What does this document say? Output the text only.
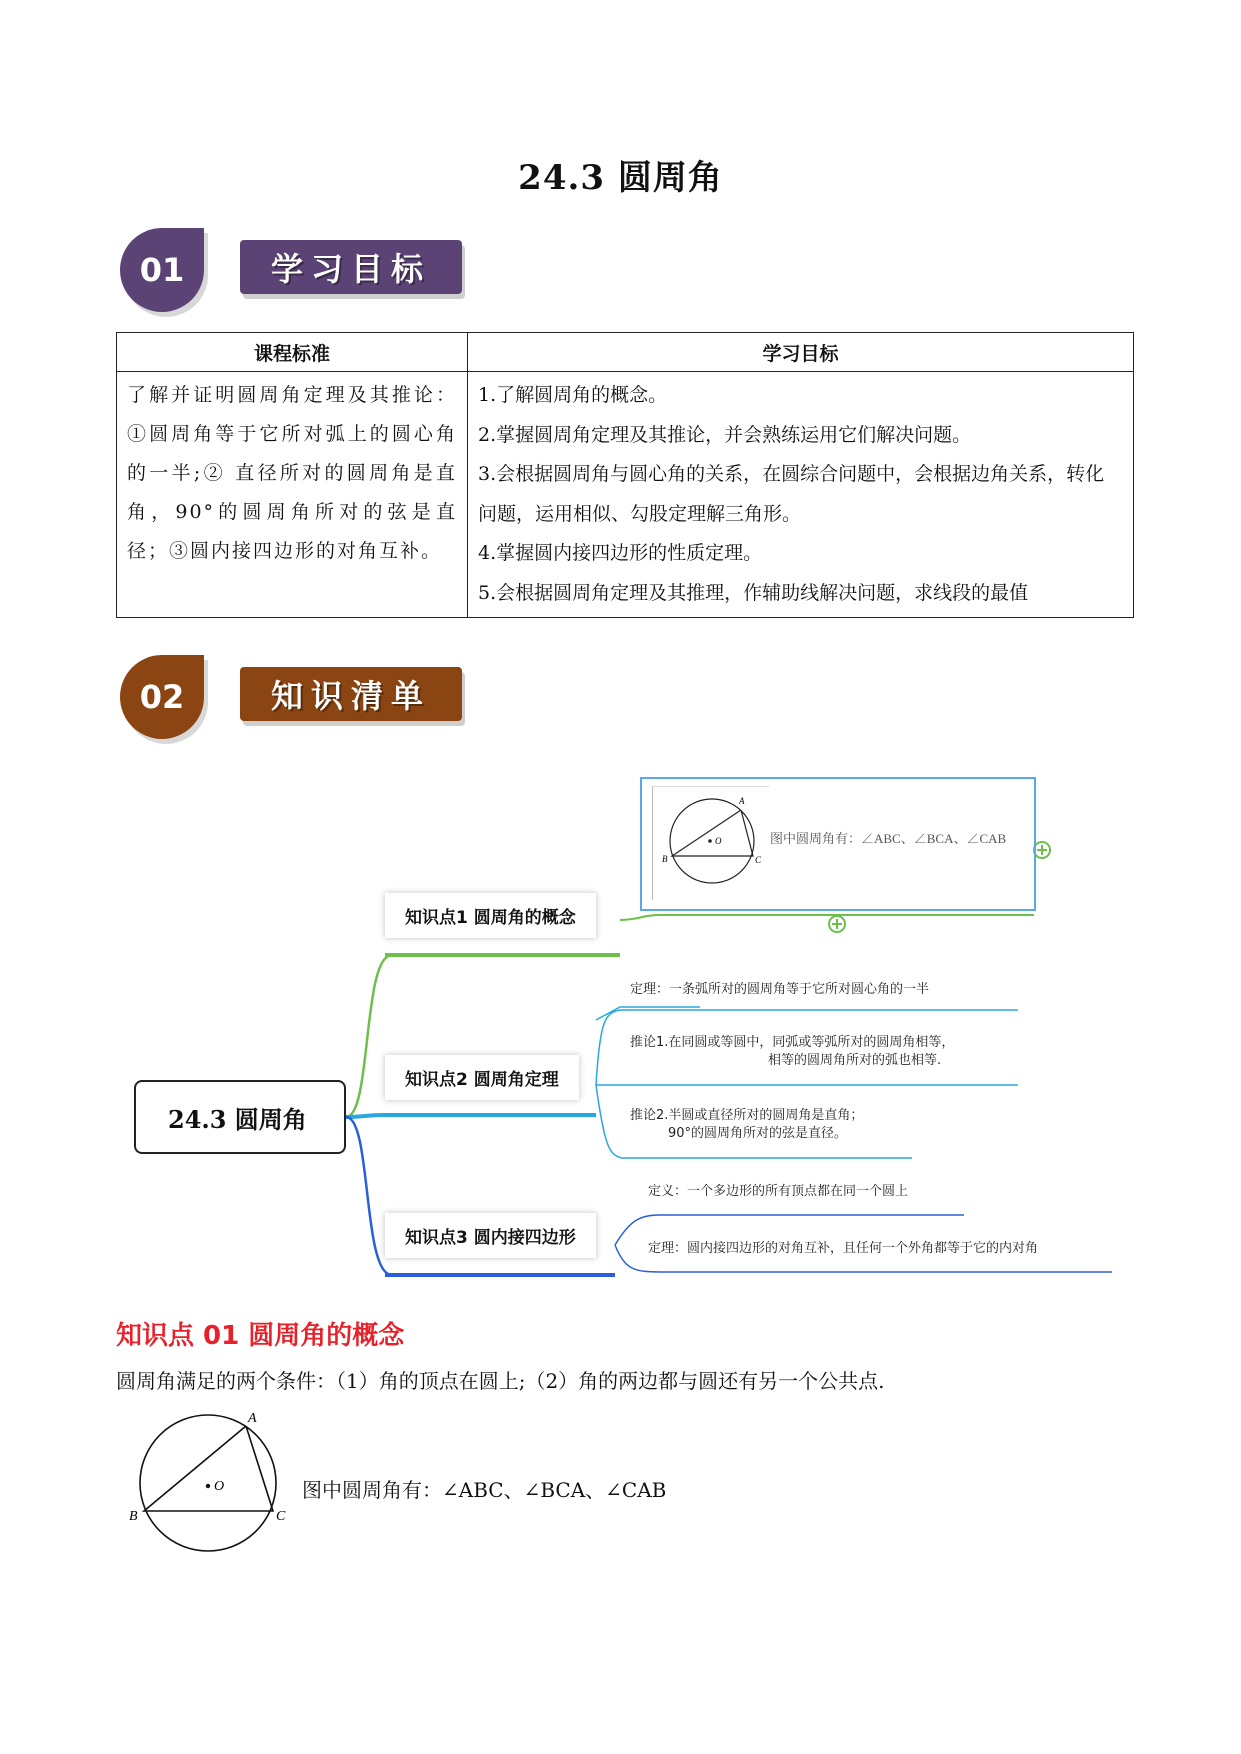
24.3 圆周角
01	学习目标
课程标准	学习目标
了解并证明圆周角定理及其推论：①圆周角等于它所对弧上的圆心角的一半;② 直径所对的圆周角是直角，90°的圆周角所对的弦是直径；③圆内接四边形的对角互补。	1.了解圆周角的概念。
2.掌握圆周角定理及其推论，并会熟练运用它们解决问题。
3.会根据圆周角与圆心角的关系，在圆综合问题中，会根据边角关系，转化问题，运用相似、勾股定理解三角形。
4.掌握圆内接四边形的性质定理。
5.会根据圆周角定理及其推理，作辅助线解决问题，求线段的最值
02	知识清单
24.3 圆周角
知识点1 圆周角的概念
知识点2 圆周角定理
知识点3 圆内接四边形
O
A
B	C
图中圆周角有：∠ABC、∠BCA、∠CAB
定理：一条弧所对的圆周角等于它所对圆心角的一半
推论1.在同圆或等圆中，同弧或等弧所对的圆周角相等，
相等的圆周角所对的弧也相等.
推论2.半圆或直径所对的圆周角是直角；
90°的圆周角所对的弦是直径。
定义：一个多边形的所有顶点都在同一个圆上
定理：圆内接四边形的对角互补，且任何一个外角都等于它的内对角
知识点 01 圆周角的概念
圆周角满足的两个条件：（1）角的顶点在圆上;（2）角的两边都与圆还有另一个公共点.
O
A
B	C
图中圆周角有：∠ABC、∠BCA、∠CAB
